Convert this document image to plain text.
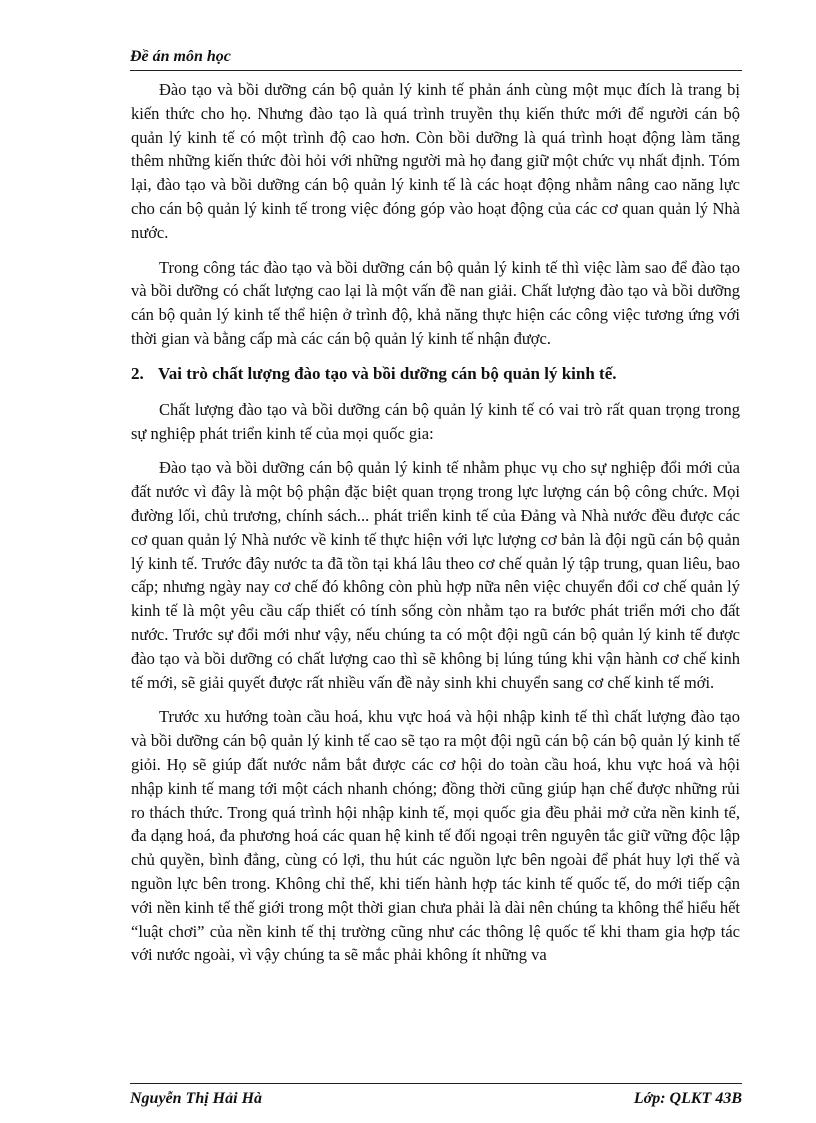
Đề án môn học

Đào tạo và bồi dưỡng cán bộ quản lý kinh tế phản ánh cùng một mục đích là trang bị kiến thức cho họ. Nhưng đào tạo là quá trình truyền thụ kiến thức mới để người cán bộ quản lý kinh tế có một trình độ cao hơn. Còn bồi dưỡng là quá trình hoạt động làm tăng thêm những kiến thức đòi hỏi với những người mà họ đang giữ một chức vụ nhất định. Tóm lại, đào tạo và bồi dưỡng cán bộ quản lý kinh tế là các hoạt động nhằm nâng cao năng lực cho cán bộ quản lý kinh tế trong việc đóng góp vào hoạt động của các cơ quan quản lý Nhà nước.

Trong công tác đào tạo và bồi dưỡng cán bộ quản lý kinh tế thì việc làm sao để đào tạo và bồi dưỡng có chất lượng cao lại là một vấn đề nan giải. Chất lượng đào tạo và bồi dưỡng cán bộ quản lý kinh tế thể hiện ở trình độ, khả năng thực hiện các công việc tương ứng với thời gian và bằng cấp mà các cán bộ quản lý kinh tế nhận được.

2. Vai trò chất lượng đào tạo và bồi dưỡng cán bộ quản lý kinh tế.

Chất lượng đào tạo và bồi dưỡng cán bộ quản lý kinh tế có vai trò rất quan trọng trong sự nghiệp phát triển kinh tế của mọi quốc gia:

Đào tạo và bồi dưỡng cán bộ quản lý kinh tế nhằm phục vụ cho sự nghiệp đổi mới của đất nước vì đây là một bộ phận đặc biệt quan trọng trong lực lượng cán bộ công chức. Mọi đường lối, chủ trương, chính sách... phát triển kinh tế của Đảng và Nhà nước đều được các cơ quan quản lý Nhà nước về kinh tế thực hiện với lực lượng cơ bản là đội ngũ cán bộ quản lý kinh tế. Trước đây nước ta đã tồn tại khá lâu theo cơ chế quản lý tập trung, quan liêu, bao cấp; nhưng ngày nay cơ chế đó không còn phù hợp nữa nên việc chuyển đổi cơ chế quản lý kinh tế là một yêu cầu cấp thiết có tính sống còn nhằm tạo ra bước phát triển mới cho đất nước. Trước sự đổi mới như vậy, nếu chúng ta có một đội ngũ cán bộ quản lý kinh tế được đào tạo và bồi dưỡng có chất lượng cao thì sẽ không bị lúng túng khi vận hành cơ chế kinh tế mới, sẽ giải quyết được rất nhiều vấn đề nảy sinh khi chuyển sang cơ chế kinh tế mới.

Trước xu hướng toàn cầu hoá, khu vực hoá và hội nhập kinh tế thì chất lượng đào tạo và bồi dưỡng cán bộ quản lý kinh tế cao sẽ tạo ra một đội ngũ cán bộ cán bộ quản lý kinh tế giỏi. Họ sẽ giúp đất nước nắm bắt được các cơ hội do toàn cầu hoá, khu vực hoá và hội nhập kinh tế mang tới một cách nhanh chóng; đồng thời cũng giúp hạn chế được những rủi ro thách thức. Trong quá trình hội nhập kinh tế, mọi quốc gia đều phải mở cửa nền kinh tế, đa dạng hoá, đa phương hoá các quan hệ kinh tế đối ngoại trên nguyên tắc giữ vững độc lập chủ quyền, bình đẳng, cùng có lợi, thu hút các nguồn lực bên ngoài để phát huy lợi thế và nguồn lực bên trong. Không chỉ thế, khi tiến hành hợp tác kinh tế quốc tế, do mới tiếp cận với nền kinh tế thế giới trong một thời gian chưa phải là dài nên chúng ta không thể hiểu hết “luật chơi” của nền kinh tế thị trường cũng như các thông lệ quốc tế khi tham gia hợp tác với nước ngoài, vì vậy chúng ta sẽ mắc phải không ít những va

Nguyễn Thị Hải Hà	Lớp: QLKT 43B
